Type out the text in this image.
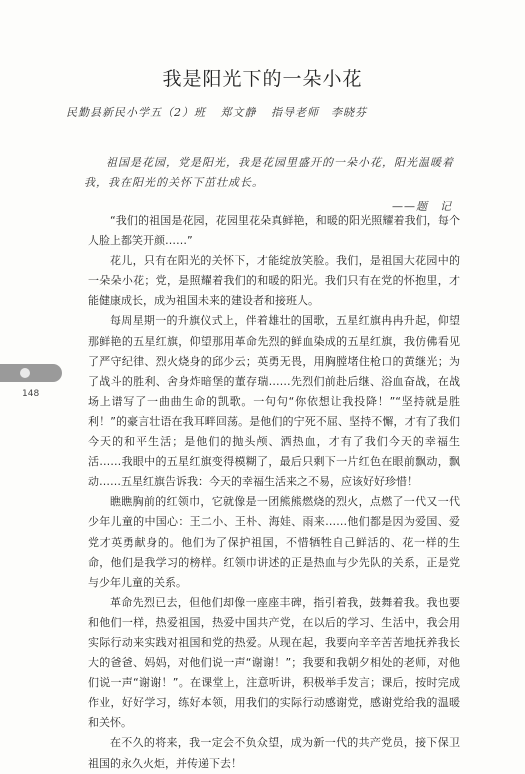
148
我是阳光下的一朵小花
民勤县新民小学五（2）班 郑文静 指导老师　李晓芬

祖国是花园，党是阳光，我是花园里盛开的一朵小花，阳光温暖着我，我在阳光的关怀下茁壮成长。

——题　记

“我们的祖国是花园，花园里花朵真鲜艳，和暖的阳光照耀着我们，每个人脸上都笑开颜……”

花儿，只有在阳光的关怀下，才能绽放笑脸。我们，是祖国大花园中的一朵朵小花；党，是照耀着我们的和暖的阳光。我们只有在党的怀抱里，才能健康成长，成为祖国未来的建设者和接班人。

每周星期一的升旗仪式上，伴着雄壮的国歌，五星红旗冉冉升起，仰望那鲜艳的五星红旗，仰望那用革命先烈的鲜血染成的五星红旗，我仿佛看见了严守纪律、烈火烧身的邱少云；英勇无畏，用胸膛堵住枪口的黄继光；为了战斗的胜利、舍身炸暗堡的董存瑞……先烈们前赴后继、浴血奋战，在战场上谱写了一曲曲生命的凯歌。一句句“你依想让我投降！”“坚持就是胜利！”的豪言壮语在我耳畔回荡。是他们的宁死不屈、坚持不懈，才有了我们今天的和平生活；是他们的抛头颅、洒热血，才有了我们今天的幸福生活……我眼中的五星红旗变得模糊了，最后只剩下一片红色在眼前飘动，飘动……五星红旗告诉我：今天的幸福生活来之不易，应该好好珍惜！

瞧瞧胸前的红领巾，它就像是一团熊熊燃烧的烈火，点燃了一代又一代少年儿童的中国心：王二小、王朴、海娃、雨来……他们都是因为爱国、爱党才英勇献身的。他们为了保护祖国，不惜牺牲自己鲜活的、花一样的生命，他们是我学习的榜样。红领巾讲述的正是热血与少先队的关系，正是党与少年儿童的关系。

革命先烈已去，但他们却像一座座丰碑，指引着我，鼓舞着我。我也要和他们一样，热爱祖国，热爱中国共产党，在以后的学习、生活中，我会用实际行动来实践对祖国和党的热爱。从现在起，我要向辛辛苦苦地抚养我长大的爸爸、妈妈，对他们说一声“谢谢！”；我要和我朝夕相处的老师，对他们说一声“谢谢！”。在课堂上，注意听讲，积极举手发言；课后，按时完成作业，好好学习，练好本领，用我们的实际行动感谢党，感谢党给我的温暖和关怀。

在不久的将来，我一定会不负众望，成为新一代的共产党员，接下保卫祖国的永久火炬，并传递下去！
